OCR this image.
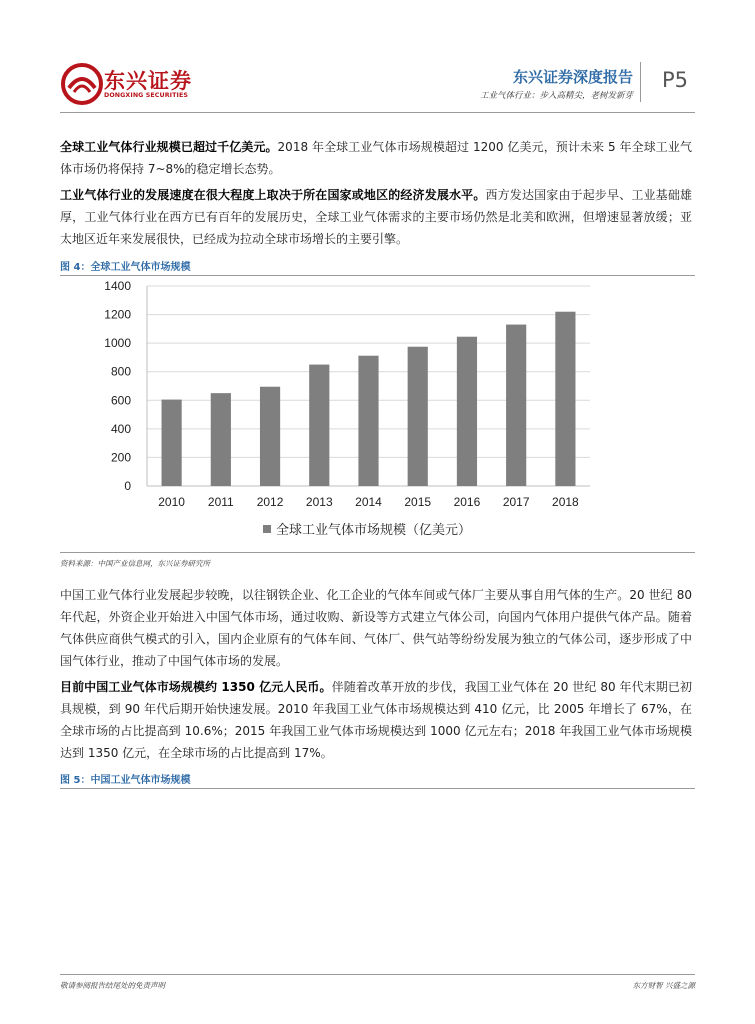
东兴证券
DONGXING SECURITIES
东兴证券深度报告
工业气体行业：步入高精尖，老树发新芽
P5

全球工业气体行业规模已超过千亿美元。2018 年全球工业气体市场规模超过 1200 亿美元，预计未来 5 年全球工业气体市场仍将保持 7~8%的稳定增长态势。

工业气体行业的发展速度在很大程度上取决于所在国家或地区的经济发展水平。西方发达国家由于起步早、工业基础雄厚，工业气体行业在西方已有百年的发展历史，全球工业气体需求的主要市场仍然是北美和欧洲，但增速显著放缓；亚太地区近年来发展很快，已经成为拉动全球市场增长的主要引擎。

图 4：全球工业气体市场规模
0
200
400
600
800
1000
1200
1400
2010 2011 2012 2013 2014 2015 2016 2017 2018
全球工业气体市场规模（亿美元）
资料来源：中国产业信息网，东兴证券研究所

中国工业气体行业发展起步较晚，以往钢铁企业、化工企业的气体车间或气体厂主要从事自用气体的生产。20 世纪 80 年代起，外资企业开始进入中国气体市场，通过收购、新设等方式建立气体公司，向国内气体用户提供气体产品。随着气体供应商供气模式的引入，国内企业原有的气体车间、气体厂、供气站等纷纷发展为独立的气体公司，逐步形成了中国气体行业，推动了中国气体市场的发展。

目前中国工业气体市场规模约 1350 亿元人民币。伴随着改革开放的步伐，我国工业气体在 20 世纪 80 年代末期已初具规模，到 90 年代后期开始快速发展。2010 年我国工业气体市场规模达到 410 亿元，比 2005 年增长了 67%，在全球市场的占比提高到 10.6%；2015 年我国工业气体市场规模达到 1000 亿元左右；2018 年我国工业气体市场规模达到 1350 亿元，在全球市场的占比提高到 17%。

图 5：中国工业气体市场规模
敬请参阅报告结尾处的免责声明	东方财智 兴盛之源
